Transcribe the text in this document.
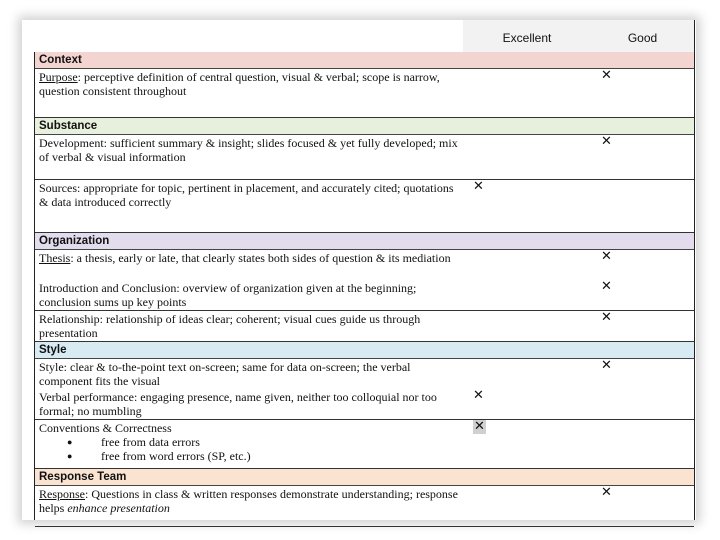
Excellent	Good
Context
Purpose: perceptive definition of central question, visual & verbal; scope is narrow, question consistent throughout
✕
Substance
Development: sufficient summary & insight; slides focused & yet fully developed; mix of verbal & visual information
✕
Sources: appropriate for topic, pertinent in placement, and accurately cited; quotations & data introduced correctly
✕
Organization
Thesis: a thesis, early or late, that clearly states both sides of question & its mediation	✕
Introduction and Conclusion: overview of organization given at the beginning; conclusion sums up key points
✕
Relationship: relationship of ideas clear; coherent; visual cues guide us through presentation
✕
Style
Style: clear & to-the-point text on-screen; same for data on-screen; the verbal component fits the visual
✕
Verbal performance: engaging presence, name given, neither too colloquial nor too formal; no mumbling
✕
Conventions & Correctness
● free from data errors
● free from word errors (SP, etc.)
✕
Response Team
Response: Questions in class & written responses demonstrate understanding; response helps enhance presentation
✕
